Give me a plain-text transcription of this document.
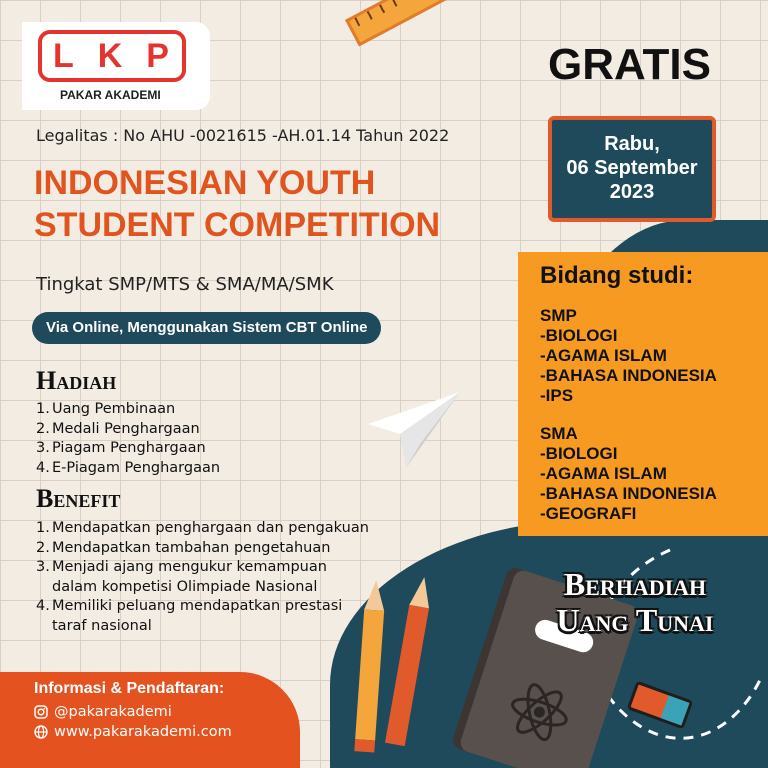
L K P
PAKAR AKADEMI
GRATIS
Rabu,
06 September
2023
Legalitas : No AHU -0021615 -AH.01.14 Tahun 2022
INDONESIAN YOUTH
STUDENT COMPETITION
Tingkat SMP/MTS & SMA/MA/SMK
Via Online, Menggunakan Sistem CBT Online
Hadiah
1. Uang Pembinaan
2. Medali Penghargaan
3. Piagam Penghargaan
4. E-Piagam Penghargaan
Benefit
1. Mendapatkan penghargaan dan pengakuan
2. Mendapatkan tambahan pengetahuan
3. Menjadi ajang mengukur kemampuan
dalam kompetisi Olimpiade Nasional
4. Memiliki peluang mendapatkan prestasi
taraf nasional
Bidang studi:
SMP
-BIOLOGI
-AGAMA ISLAM
-BAHASA INDONESIA
-IPS
SMA
-BIOLOGI
-AGAMA ISLAM
-BAHASA INDONESIA
-GEOGRAFI
Berhadiah
Uang Tunai
Informasi & Pendaftaran:
@pakarakademi
www.pakarakademi.com
